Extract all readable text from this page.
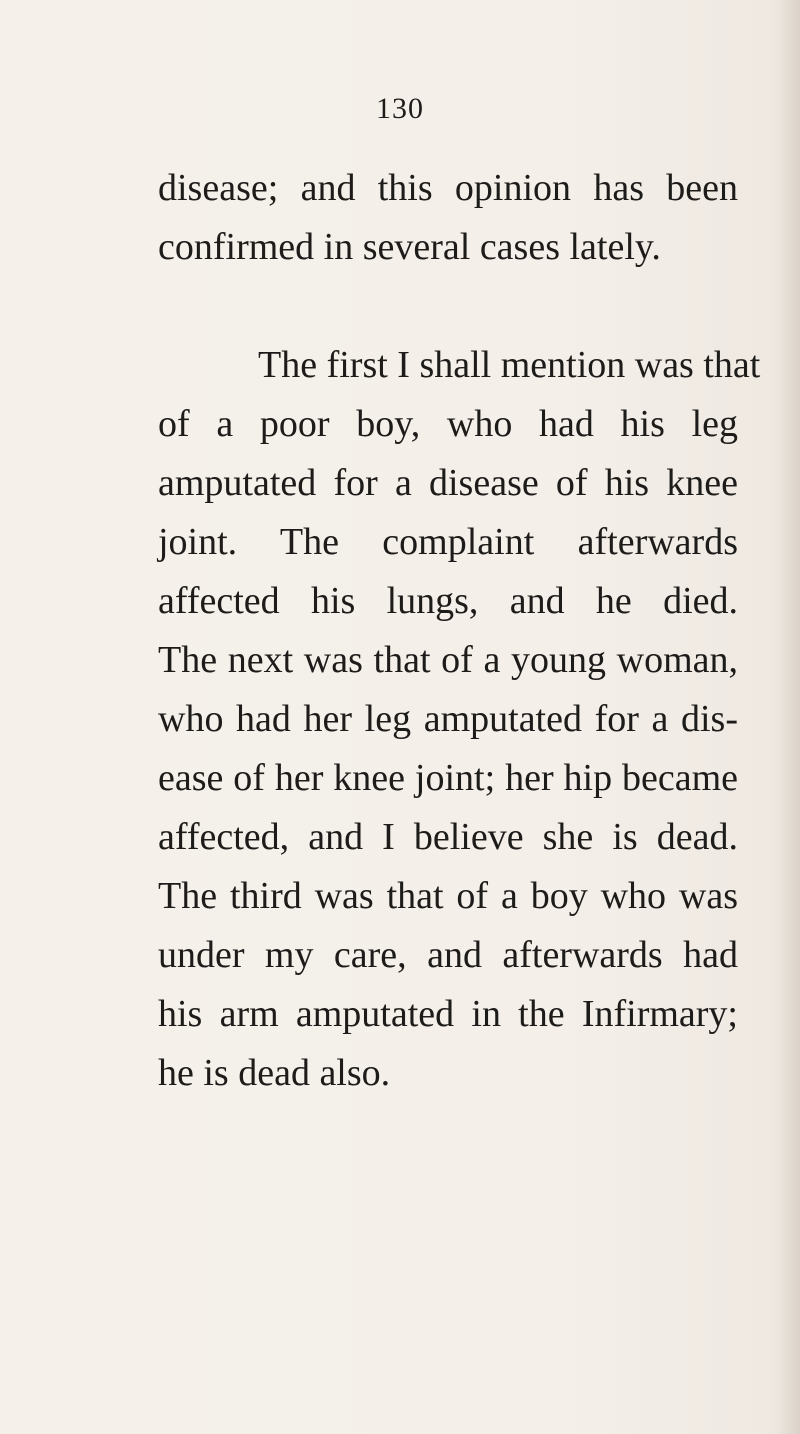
130
disease; and this opinion has been
confirmed in several cases lately.
The first I shall mention was that
of a poor boy, who had his leg
amputated for a disease of his knee
joint. The complaint afterwards
affected his lungs, and he died.
The next was that of a young woman,
who had her leg amputated for a dis-
ease of her knee joint; her hip became
affected, and I believe she is dead.
The third was that of a boy who was
under my care, and afterwards had
his arm amputated in the Infirmary;
he is dead also.
